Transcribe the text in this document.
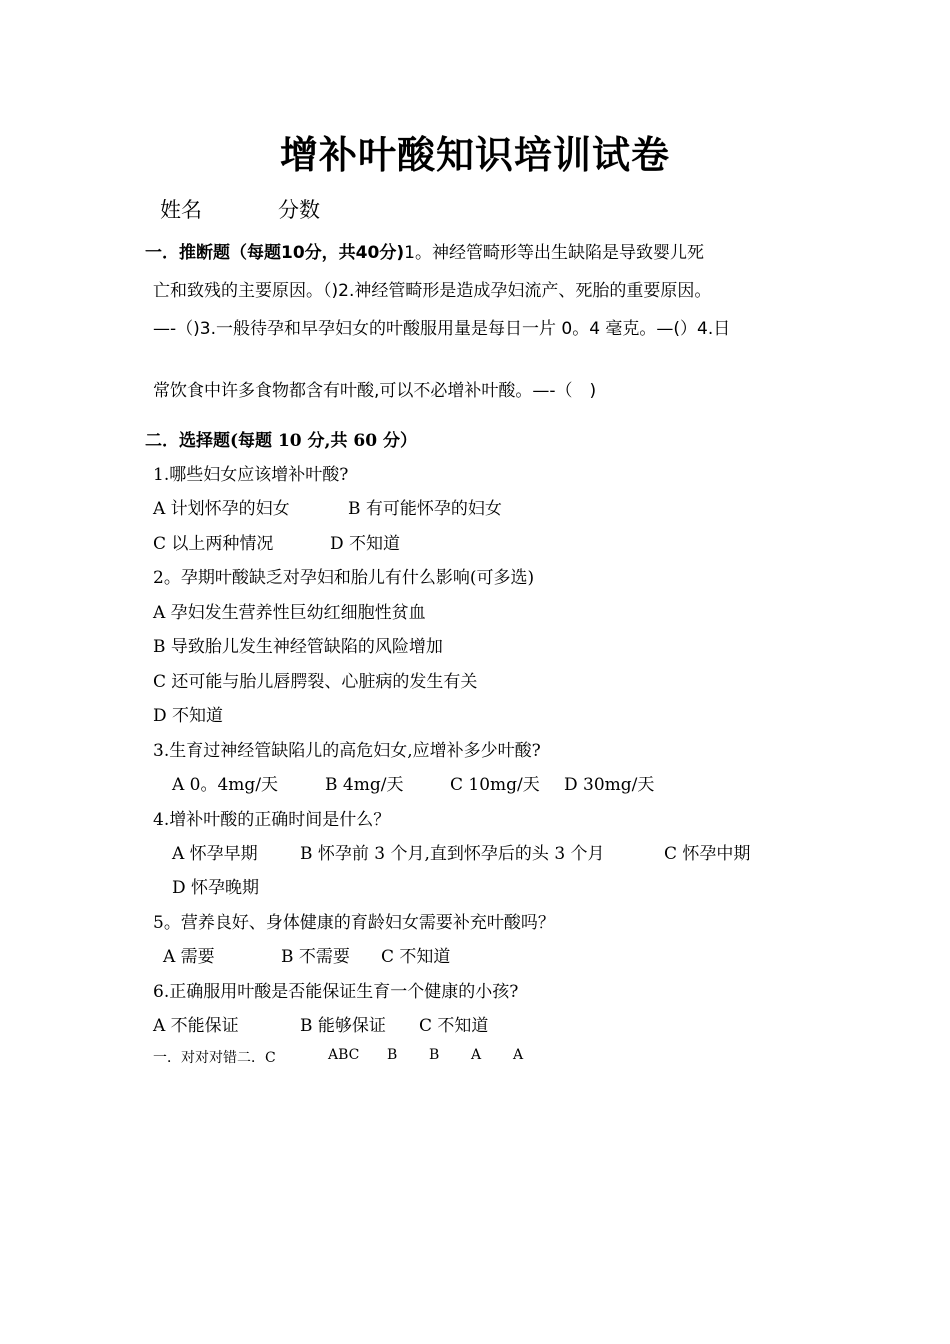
增补叶酸知识培训试卷
姓名	分数
一．推断题（每题10分，共40分)1。神经管畸形等出生缺陷是导致婴儿死
亡和致残的主要原因。（)2.神经管畸形是造成孕妇流产、死胎的重要原因。
—-（)3.一般待孕和早孕妇女的叶酸服用量是每日一片 0。4 毫克。—(）4.日
常饮食中许多食物都含有叶酸,可以不必增补叶酸。—-（　)
二．选择题(每题 10 分,共 60 分）
1.哪些妇女应该增补叶酸?
A 计划怀孕的妇女	B 有可能怀孕的妇女
C 以上两种情况	D 不知道
2。孕期叶酸缺乏对孕妇和胎儿有什么影响(可多选)
A 孕妇发生营养性巨幼红细胞性贫血
B 导致胎儿发生神经管缺陷的风险增加
C 还可能与胎儿唇腭裂、心脏病的发生有关
D 不知道
3.生育过神经管缺陷儿的高危妇女,应增补多少叶酸?
A 0。4mg/天	B 4mg/天	C 10mg/天 D 30mg/天
4.增补叶酸的正确时间是什么？
A 怀孕早期 B 怀孕前 3 个月,直到怀孕后的头 3 个月	C 怀孕中期
D 怀孕晚期
5。营养良好、身体健康的育龄妇女需要补充叶酸吗？
A 需要	B 不需要 C 不知道
6.正确服用叶酸是否能保证生育一个健康的小孩?
A 不能保证	B 能够保证 C 不知道
一．对对对错二．C	ABC B B A A
